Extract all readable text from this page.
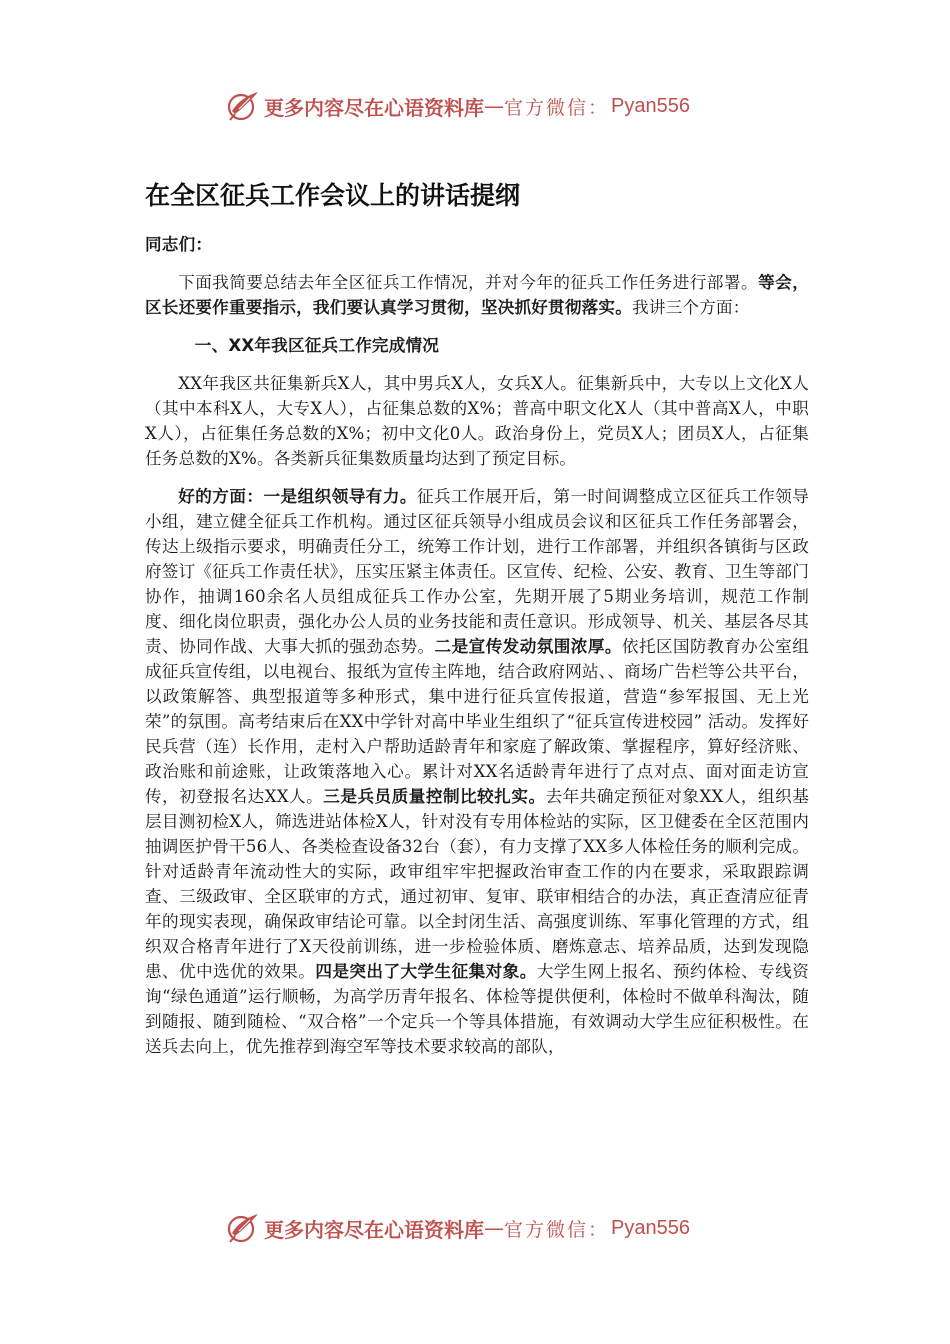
更多内容尽在心语资料库 — 官方微信： Pyan556
在全区征兵工作会议上的讲话提纲

同志们：

下面我简要总结去年全区征兵工作情况，并对今年的征兵工作任务进行部署。等会，区长还要作重要指示，我们要认真学习贯彻，坚决抓好贯彻落实。我讲三个方面：

一、XX年我区征兵工作完成情况

XX年我区共征集新兵X人，其中男兵X人，女兵X人。征集新兵中，大专以上文化X人（其中本科X人，大专X人），占征集总数的X%；普高中职文化X人（其中普高X人，中职X人），占征集任务总数的X%；初中文化0人。政治身份上，党员X人；团员X人，占征集任务总数的X%。各类新兵征集数质量均达到了预定目标。

好的方面：一是组织领导有力。征兵工作展开后，第一时间调整成立区征兵工作领导小组，建立健全征兵工作机构。通过区征兵领导小组成员会议和区征兵工作任务部署会，传达上级指示要求，明确责任分工，统筹工作计划，进行工作部署，并组织各镇街与区政府签订《征兵工作责任状》，压实压紧主体责任。区宣传、纪检、公安、教育、卫生等部门协作，抽调160余名人员组成征兵工作办公室，先期开展了5期业务培训，规范工作制度、细化岗位职责，强化办公人员的业务技能和责任意识。形成领导、机关、基层各尽其责、协同作战、大事大抓的强劲态势。二是宣传发动氛围浓厚。依托区国防教育办公室组成征兵宣传组，以电视台、报纸为宣传主阵地，结合政府网站、、商场广告栏等公共平台，以政策解答、典型报道等多种形式，集中进行征兵宣传报道，营造“参军报国、无上光荣”的氛围。高考结束后在XX中学针对高中毕业生组织了“征兵宣传进校园” 活动。发挥好民兵营（连）长作用，走村入户帮助适龄青年和家庭了解政策、掌握程序，算好经济账、政治账和前途账，让政策落地入心。累计对XX名适龄青年进行了点对点、面对面走访宣传，初登报名达XX人。三是兵员质量控制比较扎实。去年共确定预征对象XX人，组织基层目测初检X人，筛选进站体检X人，针对没有专用体检站的实际，区卫健委在全区范围内抽调医护骨干56人、各类检查设备32台（套），有力支撑了XX多人体检任务的顺利完成。针对适龄青年流动性大的实际，政审组牢牢把握政治审查工作的内在要求，采取跟踪调查、三级政审、全区联审的方式，通过初审、复审、联审相结合的办法，真正查清应征青年的现实表现，确保政审结论可靠。以全封闭生活、高强度训练、军事化管理的方式，组织双合格青年进行了X天役前训练，进一步检验体质、磨炼意志、培养品质，达到发现隐患、优中选优的效果。四是突出了大学生征集对象。大学生网上报名、预约体检、专线资询“绿色通道”运行顺畅，为高学历青年报名、体检等提供便利，体检时不做单科淘汰，随到随报、随到随检、“双合格”一个定兵一个等具体措施，有效调动大学生应征积极性。在送兵去向上，优先推荐到海空军等技术要求较高的部队，

更多内容尽在心语资料库 — 官方微信： Pyan556
